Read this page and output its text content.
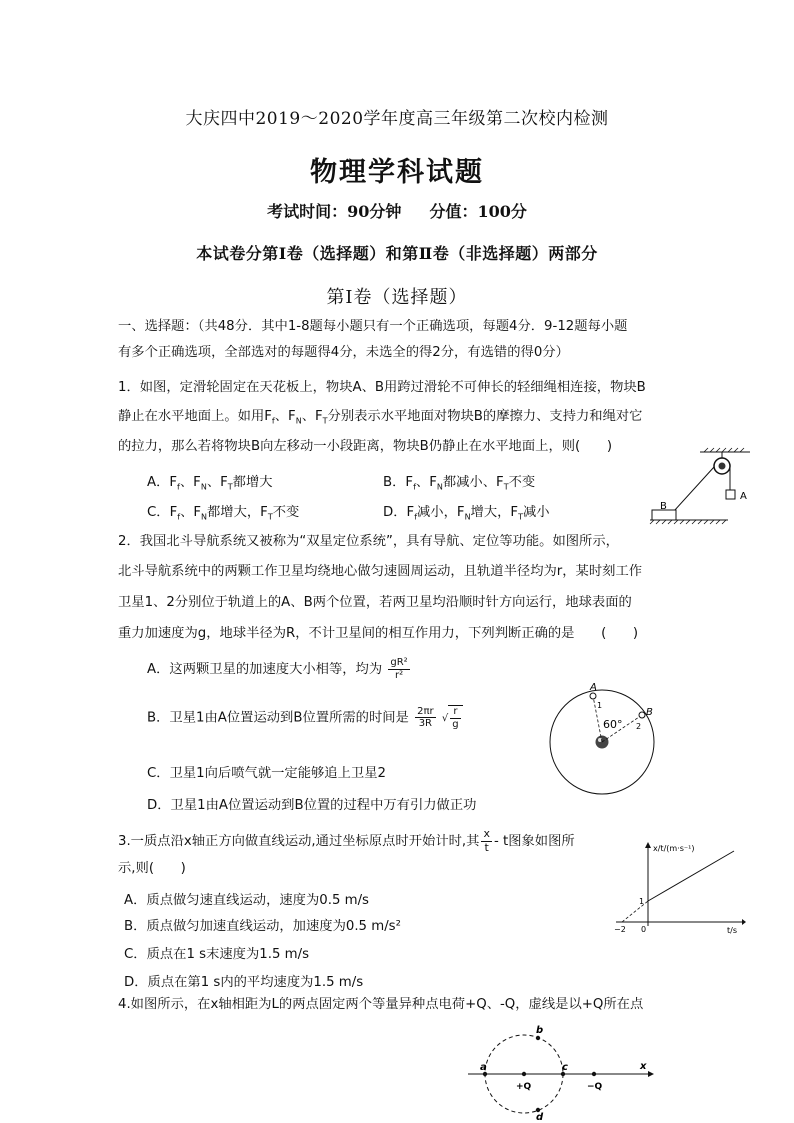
大庆四中2019～2020学年度高三年级第二次校内检测
物理学科试题
考试时间：90分钟 分值：100分
本试卷分第Ⅰ卷（选择题）和第Ⅱ卷（非选择题）两部分
第Ⅰ卷（选择题）
一、选择题：（共48分．其中1-8题每小题只有一个正确选项，每题4分．9-12题每小题
有多个正确选项，全部选对的每题得4分，未选全的得2分，有选错的得0分）
1．如图，定滑轮固定在天花板上，物块A、B用跨过滑轮不可伸长的轻细绳相连接，物块B
静止在水平地面上。如用$F_f$、$F_N$、$F_T$分别表示水平地面对物块B的摩擦力、支持力和绳对它
的拉力，那么若将物块B向左移动一小段距离，物块B仍静止在水平地面上，则(　　)
A．$F_f$、$F_N$、$F_T$都增大	B．$F_f$、$F_N$都减小、$F_T$不变
C．$F_f$、$F_N$都增大，$F_T$不变	D．$F_f$减小，$F_N$增大，$F_T$减小
A
B
2．我国北斗导航系统又被称为“双星定位系统”，具有导航、定位等功能。如图所示，
北斗导航系统中的两颗工作卫星均绕地心做匀速圆周运动，且轨道半径均为r，某时刻工作
卫星1、2分别位于轨道上的A、B两个位置，若两卫星均沿顺时针方向运行，地球表面的
重力加速度为g，地球半径为R，不计卫星间的相互作用力，下列判断正确的是　　(　　)
A．这两颗卫星的加速度大小相等，均为 $\frac{\text{gR²}}{\text{r²}}$
B．卫星1由A位置运动到B位置所需的时间是 $\frac{2\pi r}{3R}$ √ $\frac{r}{g}$
C．卫星1向后喷气就一定能够追上卫星2
D．卫星1由A位置运动到B位置的过程中万有引力做正功
A
B
1
2
60°
3.一质点沿x轴正方向做直线运动,通过坐标原点时开始计时,其 $\frac{x}{t}$ - t图象如图所
示,则(　　)
A．质点做匀速直线运动，速度为0.5 m/s
B．质点做匀加速直线运动，加速度为0.5 m/s²
C．质点在1 s末速度为1.5 m/s
D．质点在第1 s内的平均速度为1.5 m/s
x/t/(m·s⁻¹)
t/s
1
0
−2
4.如图所示，在x轴相距为L的两点固定两个等量异种点电荷+Q、-Q，虚线是以+Q所在点
a
b
c
d
+Q	−Q
x
